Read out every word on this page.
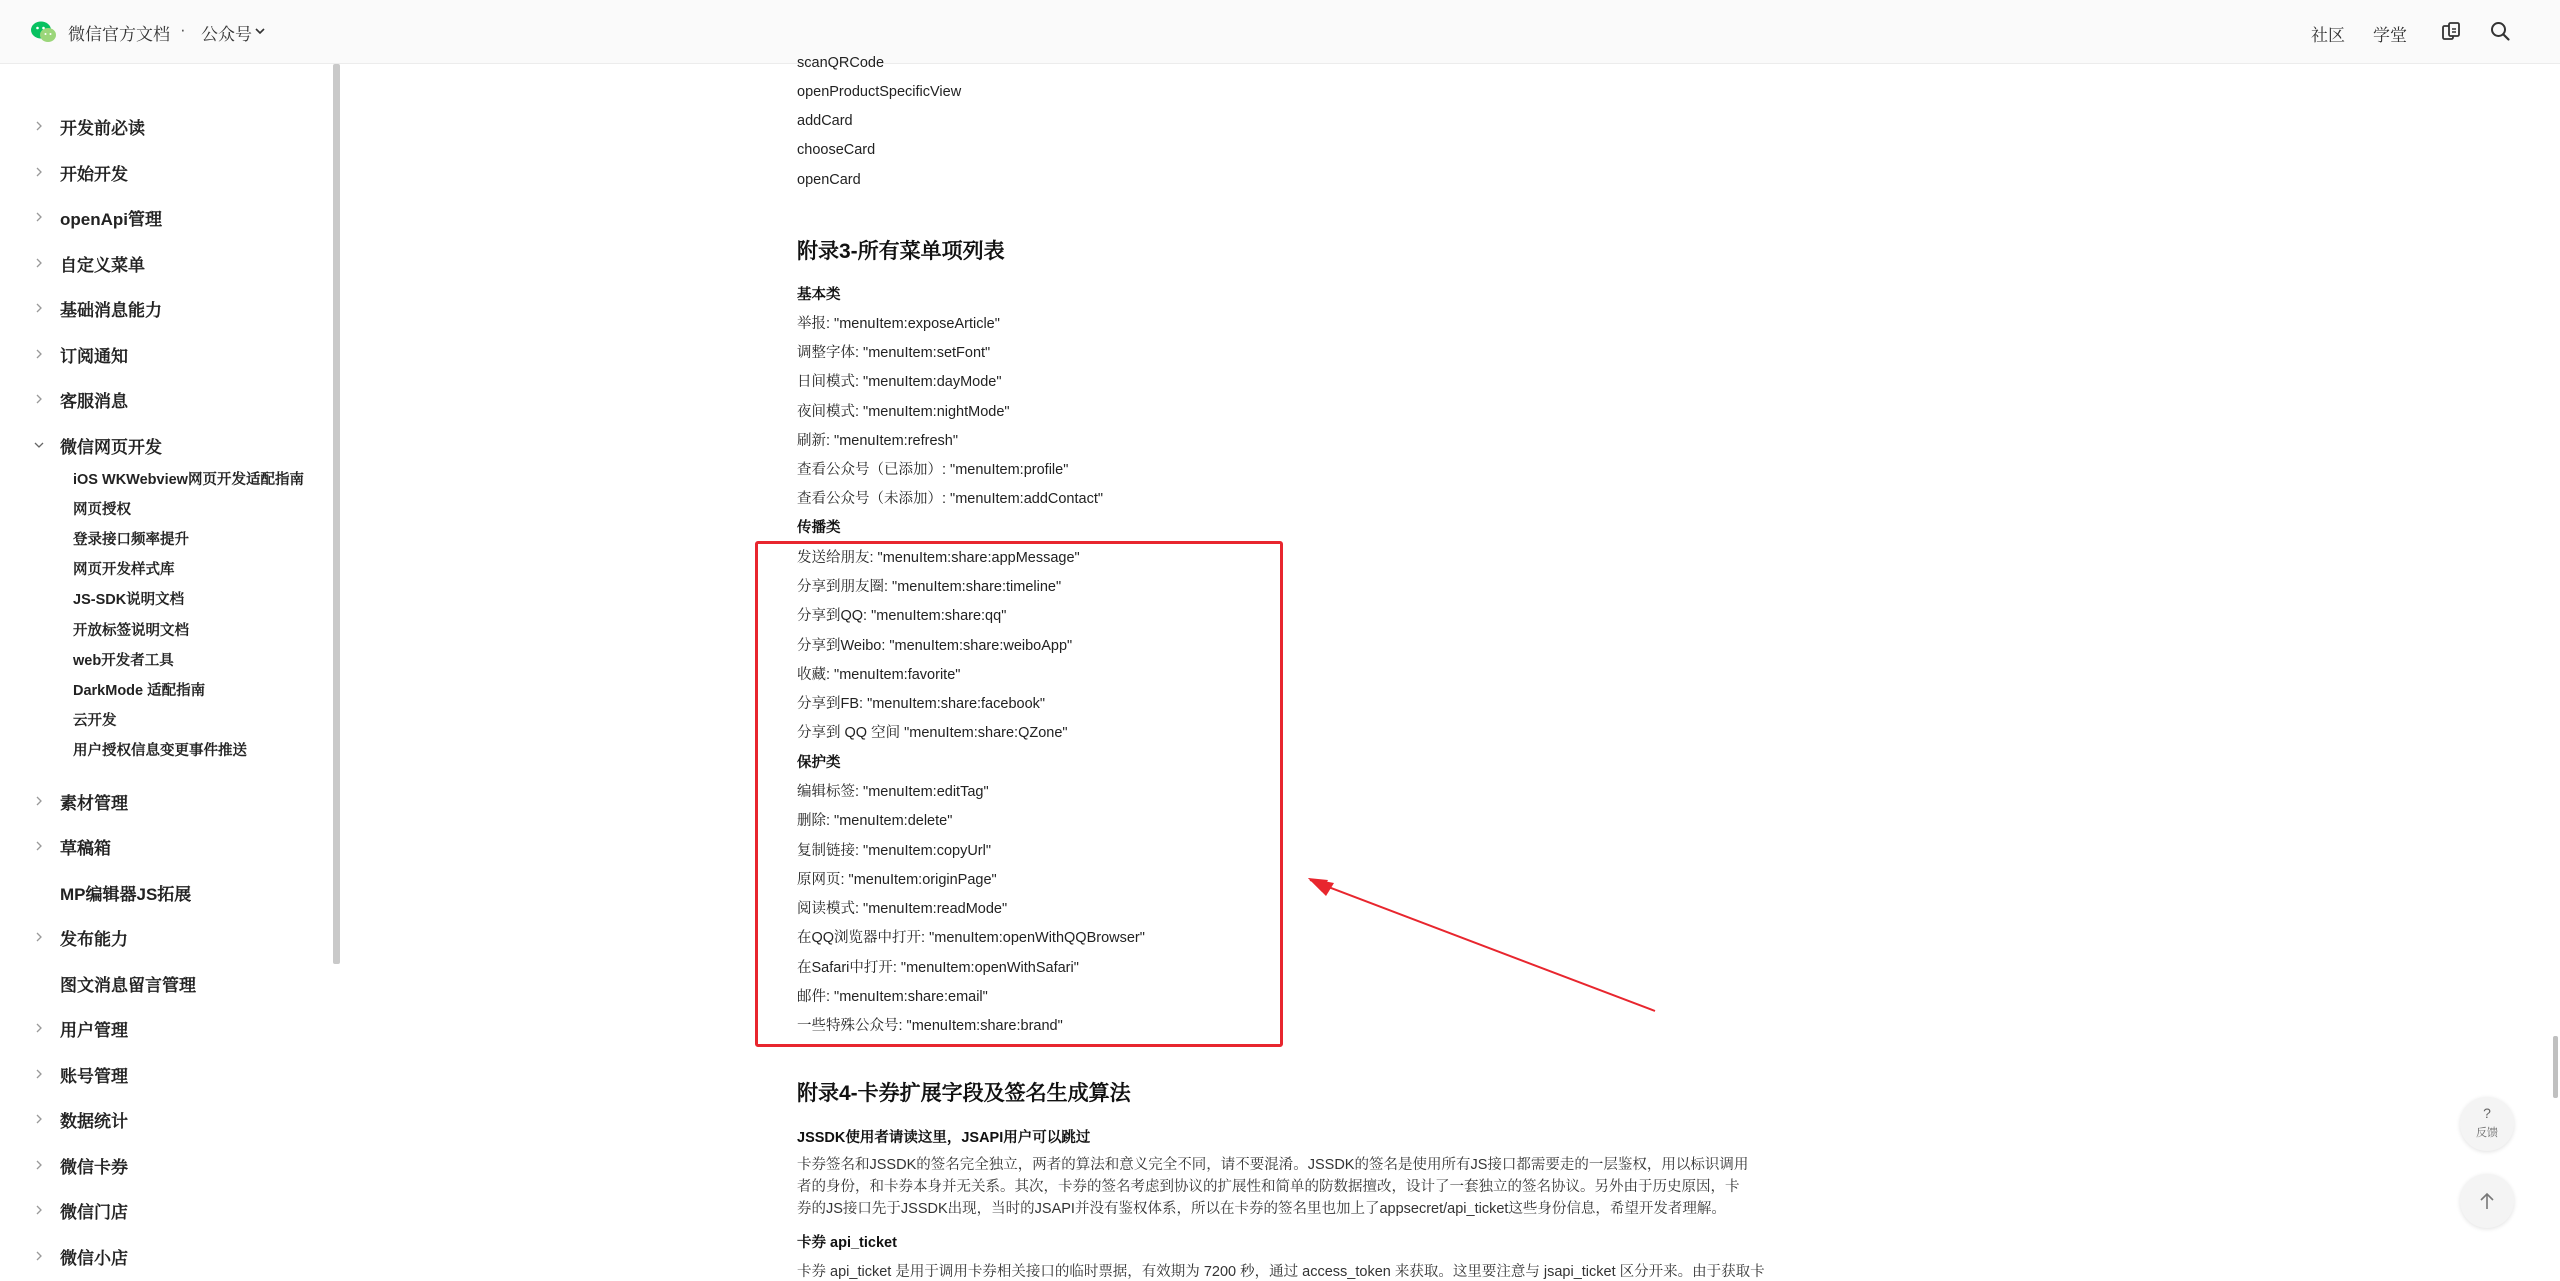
微信官方文档 · 公众号	社区 学堂
开发前必读
开始开发
openApi管理
自定义菜单
基础消息能力
订阅通知
客服消息
微信网页开发
iOS WKWebview网页开发适配指南
网页授权
登录接口频率提升
网页开发样式库
JS-SDK说明文档
开放标签说明文档
web开发者工具
DarkMode 适配指南
云开发
用户授权信息变更事件推送
素材管理
草稿箱
MP编辑器JS拓展
发布能力
图文消息留言管理
用户管理
账号管理
数据统计
微信卡券
微信门店
微信小店
scanQRCode
openProductSpecificView
addCard
chooseCard
openCard
附录3-所有菜单项列表
基本类
举报: "menuItem:exposeArticle"
调整字体: "menuItem:setFont"
日间模式: "menuItem:dayMode"
夜间模式: "menuItem:nightMode"
刷新: "menuItem:refresh"
查看公众号（已添加）: "menuItem:profile"
查看公众号（未添加）: "menuItem:addContact"
传播类
发送给朋友: "menuItem:share:appMessage"
分享到朋友圈: "menuItem:share:timeline"
分享到QQ: "menuItem:share:qq"
分享到Weibo: "menuItem:share:weiboApp"
收藏: "menuItem:favorite"
分享到FB: "menuItem:share:facebook"
分享到 QQ 空间 "menuItem:share:QZone"
保护类
编辑标签: "menuItem:editTag"
删除: "menuItem:delete"
复制链接: "menuItem:copyUrl"
原网页: "menuItem:originPage"
阅读模式: "menuItem:readMode"
在QQ浏览器中打开: "menuItem:openWithQQBrowser"
在Safari中打开: "menuItem:openWithSafari"
邮件: "menuItem:share:email"
一些特殊公众号: "menuItem:share:brand"
附录4-卡券扩展字段及签名生成算法
JSSDK使用者请读这里，JSAPI用户可以跳过
卡券签名和JSSDK的签名完全独立，两者的算法和意义完全不同，请不要混淆。JSSDK的签名是使用所有JS接口都需要走的一层鉴权，用以标识调用者的身份，和卡券本身并无关系。其次，卡券的签名考虑到协议的扩展性和简单的防数据擅改，设计了一套独立的签名协议。另外由于历史原因，卡券的JS接口先于JSSDK出现，当时的JSAPI并没有鉴权体系，所以在卡券的签名里也加上了appsecret/api_ticket这些身份信息，希望开发者理解。
卡券 api_ticket
卡券 api_ticket 是用于调用卡券相关接口的临时票据，有效期为 7200 秒，通过 access_token 来获取。这里要注意与 jsapi_ticket 区分开来。由于获取卡
?
反馈
